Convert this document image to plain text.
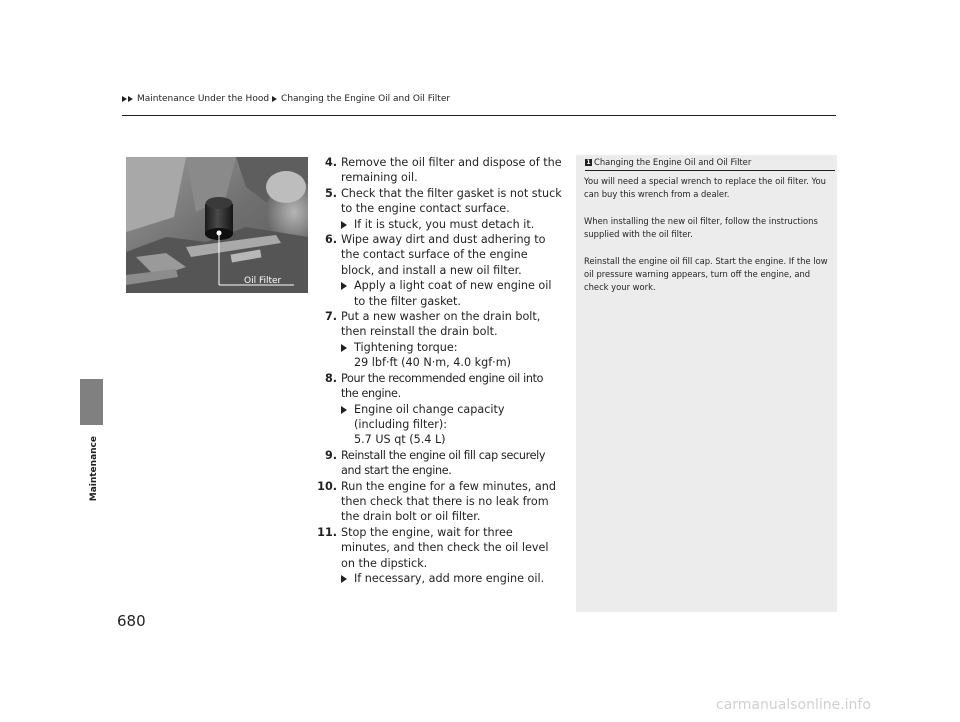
Maintenance Under the Hood Changing the Engine Oil and Oil Filter
Maintenance
680
Oil Filter
4. Remove the oil filter and dispose of the remaining oil.
5. Check that the filter gasket is not stuck to the engine contact surface.
If it is stuck, you must detach it.
6. Wipe away dirt and dust adhering to the contact surface of the engine block, and install a new oil filter.
Apply a light coat of new engine oil to the filter gasket.
7. Put a new washer on the drain bolt, then reinstall the drain bolt.
Tightening torque:
29 lbf·ft (40 N·m, 4.0 kgf·m)
8. Pour the recommended engine oil into the engine.
Engine oil change capacity (including filter):
5.7 US qt (5.4 L)
9. Reinstall the engine oil fill cap securely and start the engine.
10. Run the engine for a few minutes, and then check that there is no leak from the drain bolt or oil filter.
11. Stop the engine, wait for three minutes, and then check the oil level on the dipstick.
If necessary, add more engine oil.
1 Changing the Engine Oil and Oil Filter

You will need a special wrench to replace the oil filter. You can buy this wrench from a dealer.

When installing the new oil filter, follow the instructions supplied with the oil filter.

Reinstall the engine oil fill cap. Start the engine. If the low oil pressure warning appears, turn off the engine, and check your work.

carmanualsonline.info
